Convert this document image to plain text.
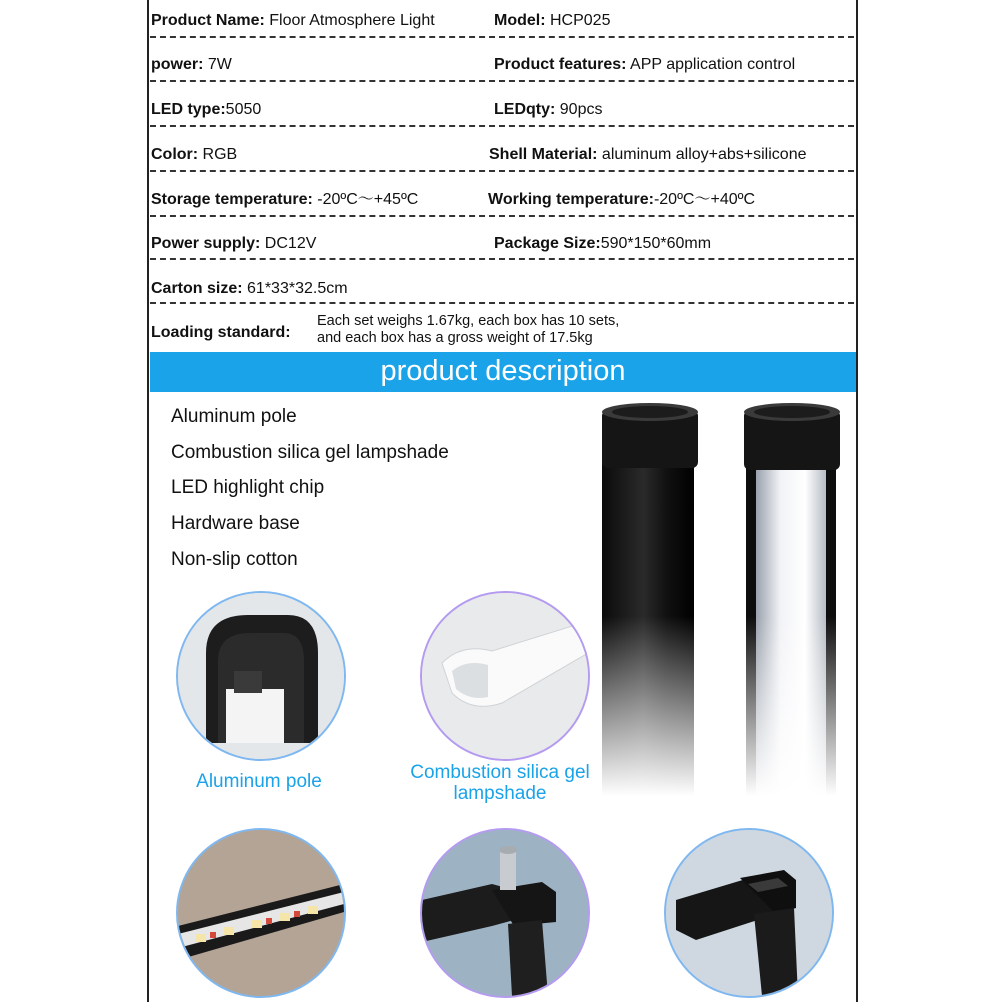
Product Name: Floor Atmosphere Light	Model: HCP025
power: 7W	Product features: APP application control
LED type:5050	LEDqty: 90pcs
Color: RGB	Shell Material: aluminum alloy+abs+silicone
Storage temperature: -20ºC～+45ºC	Working temperature:-20ºC～+40ºC
Power supply: DC12V	Package Size:590*150*60mm
Carton size: 61*33*32.5cm
Loading standard:
Each set weighs 1.67kg, each box has 10 sets,
and each box has a gross weight of 17.5kg
product description
Aluminum pole
Combustion silica gel lampshade
LED highlight chip
Hardware base
Non-slip cotton
Aluminum pole	Combustion silica gel
lampshade
